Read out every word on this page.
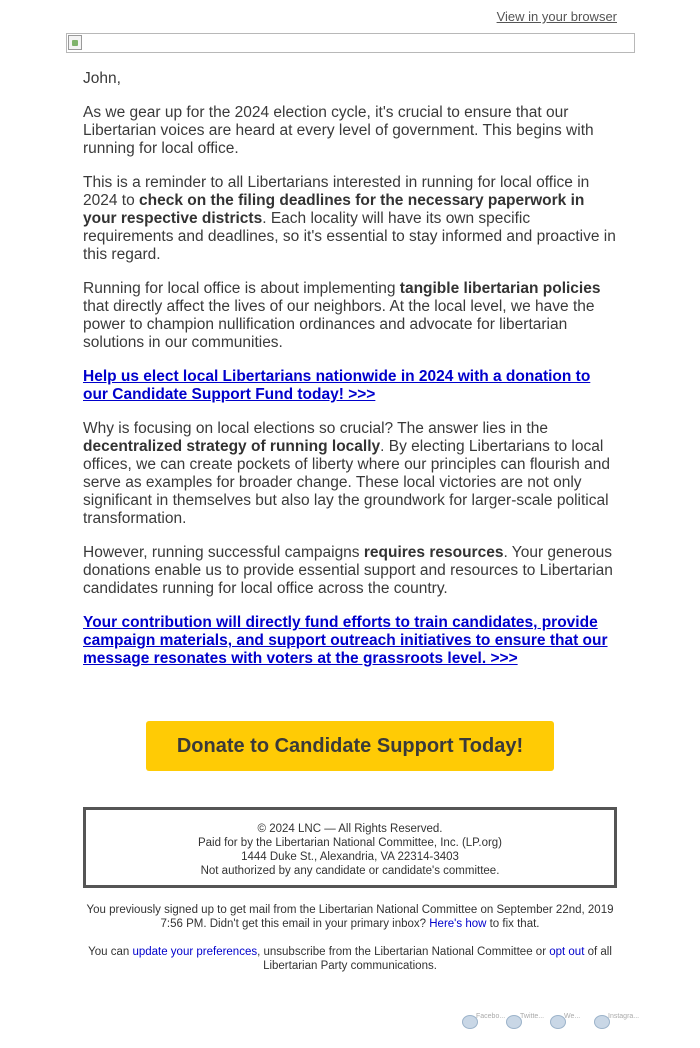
View in your browser

John,

As we gear up for the 2024 election cycle, it's crucial to ensure that our Libertarian voices are heard at every level of government. This begins with running for local office.

This is a reminder to all Libertarians interested in running for local office in 2024 to check on the filing deadlines for the necessary paperwork in your respective districts. Each locality will have its own specific requirements and deadlines, so it's essential to stay informed and proactive in this regard.

Running for local office is about implementing tangible libertarian policies that directly affect the lives of our neighbors. At the local level, we have the power to champion nullification ordinances and advocate for libertarian solutions in our communities.

Help us elect local Libertarians nationwide in 2024 with a donation to our Candidate Support Fund today! >>>

Why is focusing on local elections so crucial? The answer lies in the decentralized strategy of running locally. By electing Libertarians to local offices, we can create pockets of liberty where our principles can flourish and serve as examples for broader change. These local victories are not only significant in themselves but also lay the groundwork for larger-scale political transformation.

However, running successful campaigns requires resources. Your generous donations enable us to provide essential support and resources to Libertarian candidates running for local office across the country.

Your contribution will directly fund efforts to train candidates, provide campaign materials, and support outreach initiatives to ensure that our message resonates with voters at the grassroots level. >>>

Donate to Candidate Support Today!
© 2024 LNC — All Rights Reserved.
Paid for by the Libertarian National Committee, Inc. (LP.org)
1444 Duke St., Alexandria, VA 22314-3403
Not authorized by any candidate or candidate's committee.
You previously signed up to get mail from the Libertarian National Committee on September 22nd, 2019 7:56 PM. Didn't get this email in your primary inbox? Here's how to fix that.
You can update your preferences, unsubscribe from the Libertarian National Committee or opt out of all Libertarian Party communications.
Facebo... Twitte...	We...	Instagra...
